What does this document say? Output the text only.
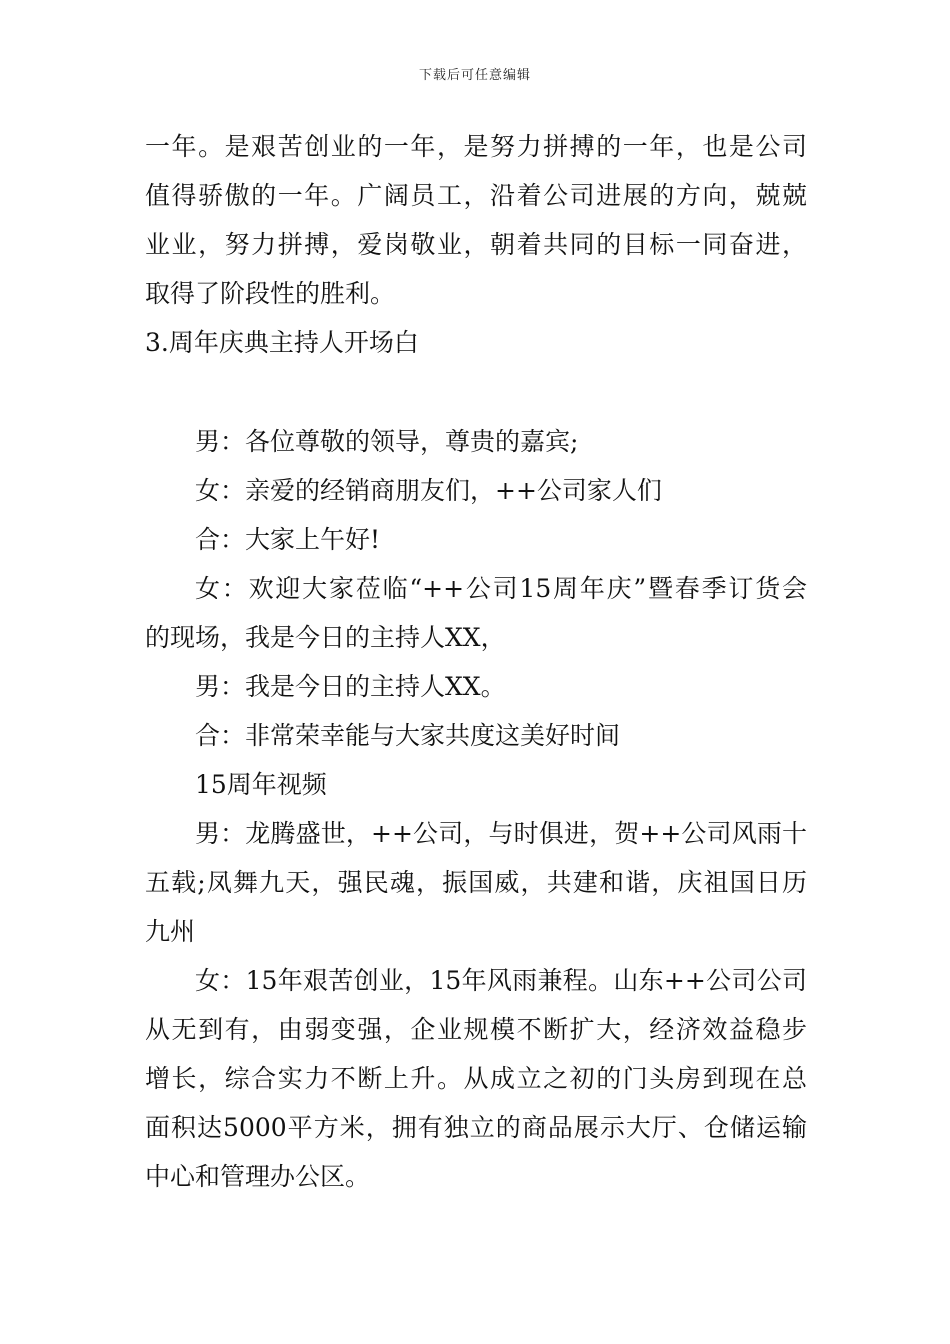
下载后可任意编辑
一年。是艰苦创业的一年，是努力拼搏的一年，也是公司
值得骄傲的一年。广阔员工，沿着公司进展的方向，兢兢
业业，努力拼搏，爱岗敬业，朝着共同的目标一同奋进，
取得了阶段性的胜利。
3.周年庆典主持人开场白
男：各位尊敬的领导，尊贵的嘉宾;
女：亲爱的经销商朋友们，++公司家人们
合：大家上午好!
女：欢迎大家莅临“++公司15周年庆”暨春季订货会
的现场，我是今日的主持人XX，
男：我是今日的主持人XX。
合：非常荣幸能与大家共度这美好时间
15周年视频
男：龙腾盛世，++公司，与时俱进，贺++公司风雨十
五载;凤舞九天，强民魂，振国威，共建和谐，庆祖国日历
九州
女：15年艰苦创业，15年风雨兼程。山东++公司公司
从无到有，由弱变强，企业规模不断扩大，经济效益稳步
增长，综合实力不断上升。从成立之初的门头房到现在总
面积达5000平方米，拥有独立的商品展示大厅、仓储运输
中心和管理办公区。
